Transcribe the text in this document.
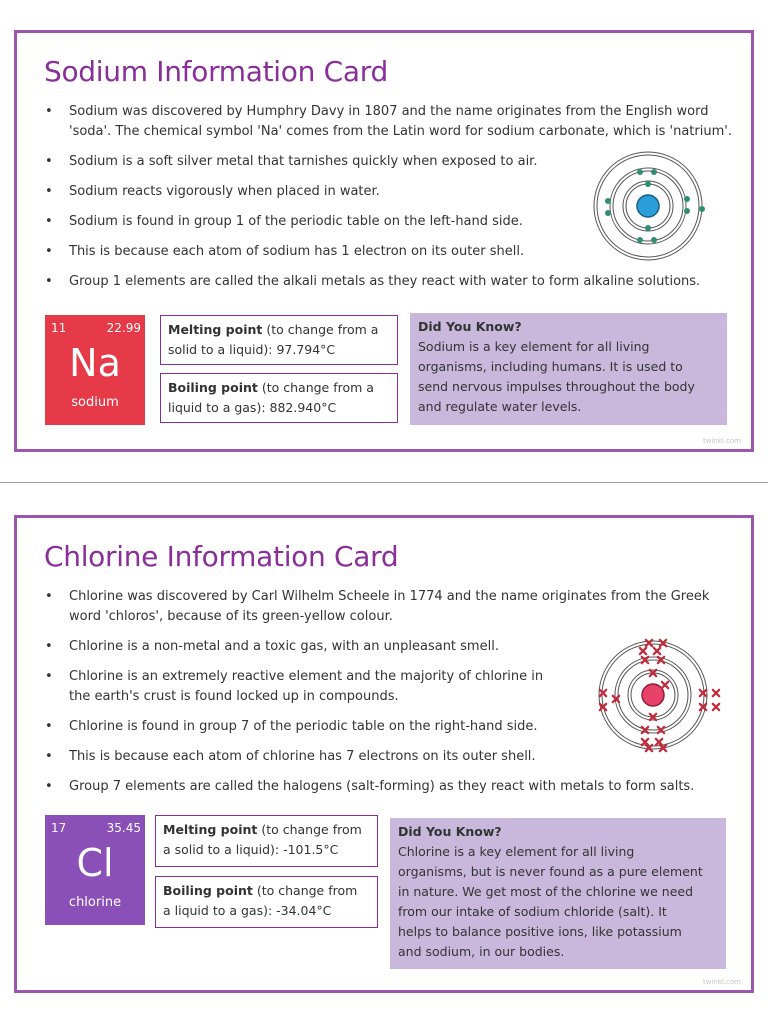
Sodium Information Card
• Sodium was discovered by Humphry Davy in 1807 and the name originates from the English word
'soda'. The chemical symbol 'Na' comes from the Latin word for sodium carbonate, which is 'natrium'.
• Sodium is a soft silver metal that tarnishes quickly when exposed to air.
• Sodium reacts vigorously when placed in water.
• Sodium is found in group 1 of the periodic table on the left-hand side.
• This is because each atom of sodium has 1 electron on its outer shell.
• Group 1 elements are called the alkali metals as they react with water to form alkaline solutions.
11	22.99
Na
sodium
Melting point (to change from a
solid to a liquid): 97.794°C
Boiling point (to change from a
liquid to a gas): 882.940°C
Did You Know?
Sodium is a key element for all living
organisms, including humans. It is used to
send nervous impulses throughout the body
and regulate water levels.
twinkl.com
Chlorine Information Card
• Chlorine was discovered by Carl Wilhelm Scheele in 1774 and the name originates from the Greek
word 'chloros', because of its green-yellow colour.
• Chlorine is a non-metal and a toxic gas, with an unpleasant smell.
• Chlorine is an extremely reactive element and the majority of chlorine in
the earth's crust is found locked up in compounds.
• Chlorine is found in group 7 of the periodic table on the right-hand side.
• This is because each atom of chlorine has 7 electrons on its outer shell.
• Group 7 elements are called the halogens (salt-forming) as they react with metals to form salts.
17	35.45
Cl
chlorine
Melting point (to change from
a solid to a liquid): -101.5°C
Boiling point (to change from
a liquid to a gas): -34.04°C
Did You Know?
Chlorine is a key element for all living
organisms, but is never found as a pure element
in nature. We get most of the chlorine we need
from our intake of sodium chloride (salt). It
helps to balance positive ions, like potassium
and sodium, in our bodies.
twinkl.com
